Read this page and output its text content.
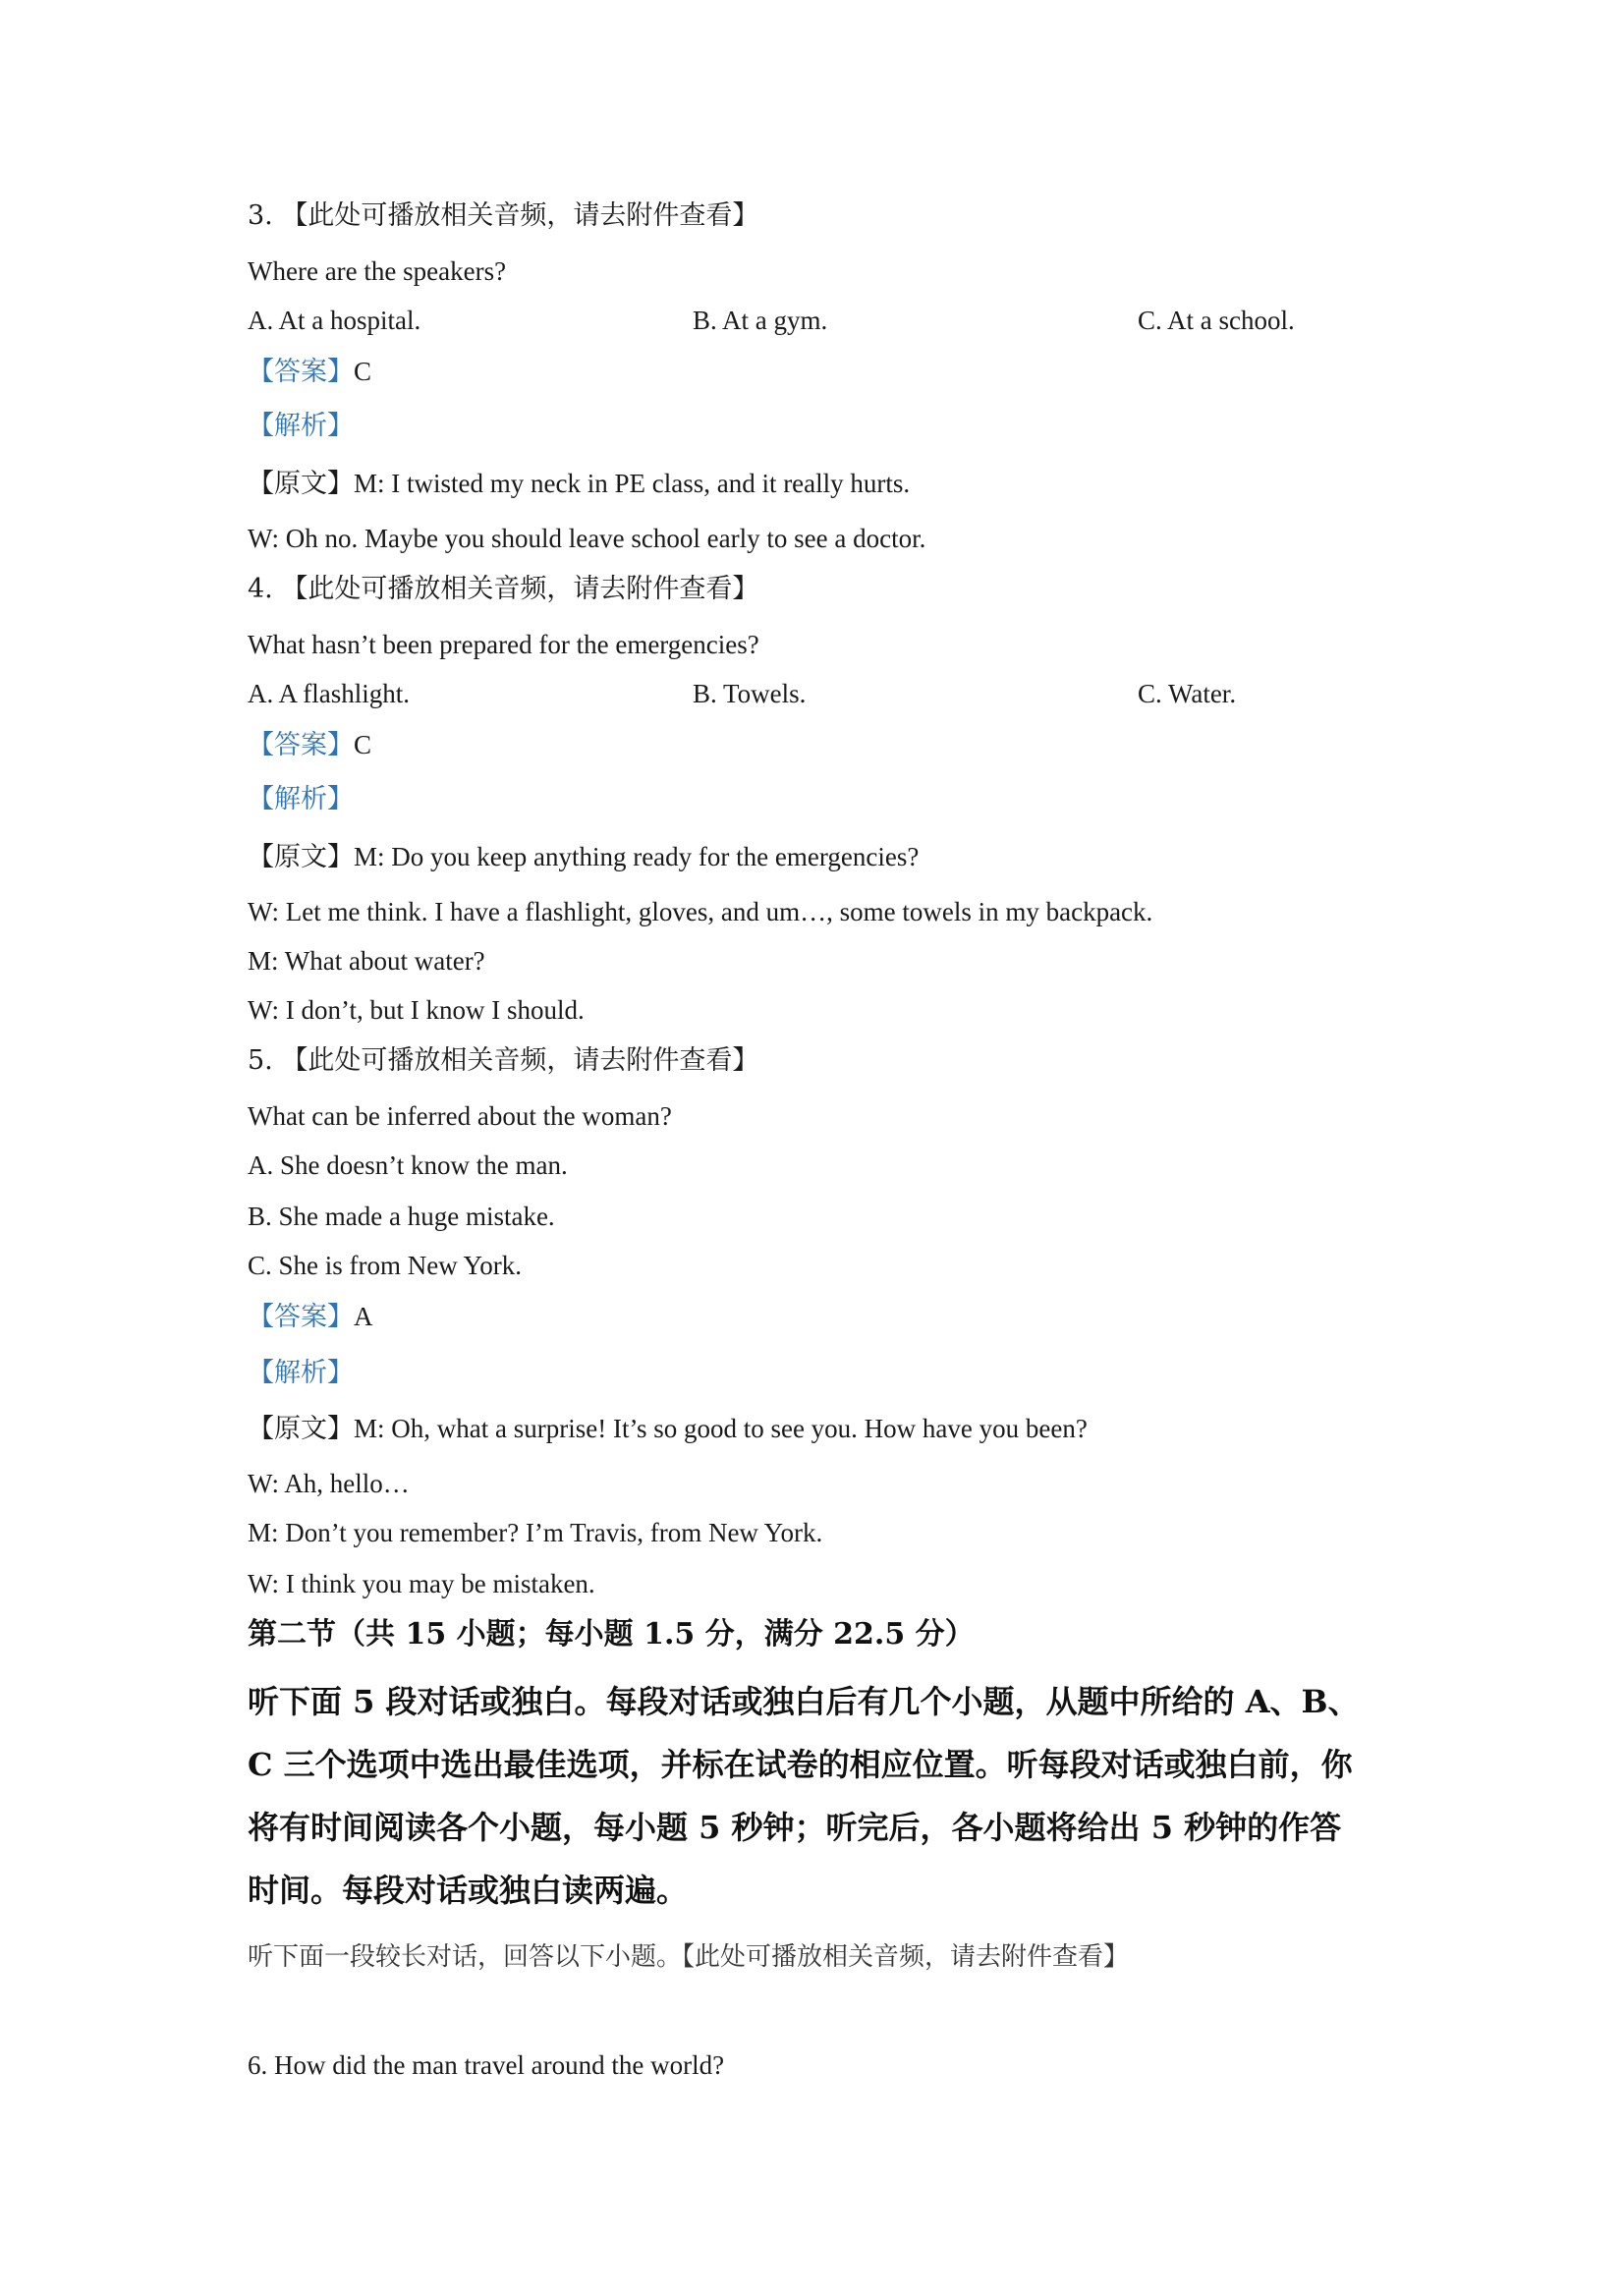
3. 【此处可播放相关音频，请去附件查看】
Where are the speakers?
A. At a hospital.	B. At a gym.	C. At a school.
【答案】C
【解析】
【原文】M: I twisted my neck in PE class, and it really hurts.
W: Oh no. Maybe you should leave school early to see a doctor.
4. 【此处可播放相关音频，请去附件查看】
What hasn’t been prepared for the emergencies?
A. A flashlight.	B. Towels.	C. Water.
【答案】C
【解析】
【原文】M: Do you keep anything ready for the emergencies?
W: Let me think. I have a flashlight, gloves, and um…, some towels in my backpack.
M: What about water?
W: I don’t, but I know I should.
5. 【此处可播放相关音频，请去附件查看】
What can be inferred about the woman?
A. She doesn’t know the man.
B. She made a huge mistake.
C. She is from New York.
【答案】A
【解析】
【原文】M: Oh, what a surprise! It’s so good to see you. How have you been?
W: Ah, hello…
M: Don’t you remember? I’m Travis, from New York.
W: I think you may be mistaken.
第二节（共 15 小题；每小题 1.5 分，满分 22.5 分）
听下面 5 段对话或独白。每段对话或独白后有几个小题，从题中所给的 A、B、
C 三个选项中选出最佳选项，并标在试卷的相应位置。听每段对话或独白前，你
将有时间阅读各个小题，每小题 5 秒钟；听完后，各小题将给出 5 秒钟的作答
时间。每段对话或独白读两遍。
听下面一段较长对话，回答以下小题。【此处可播放相关音频，请去附件查看】
6. How did the man travel around the world?
